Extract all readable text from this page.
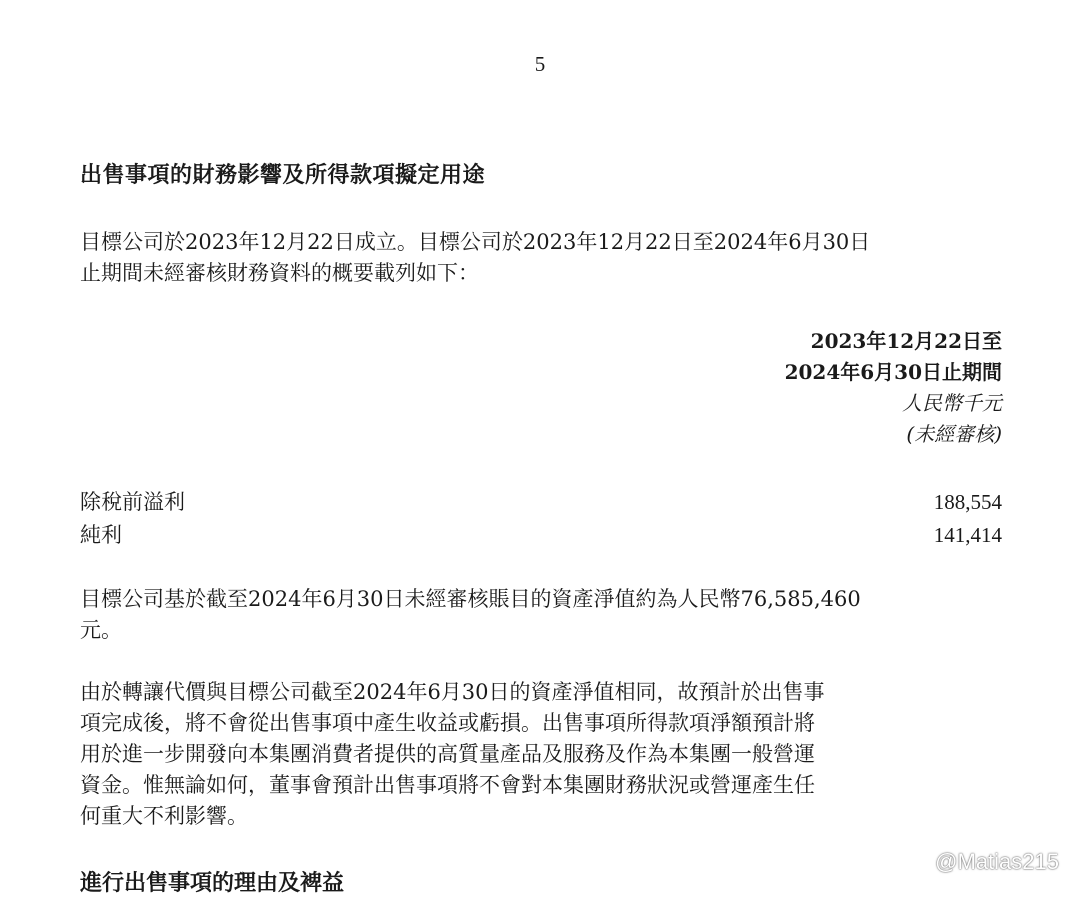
5
出售事項的財務影響及所得款項擬定用途

目標公司於2023年12月22日成立。目標公司於2023年12月22日至2024年6月30日
止期間未經審核財務資料的概要載列如下：

2023年12月22日至
2024年6月30日止期間
人民幣千元
(未經審核)
除稅前溢利	188,554
純利	141,414

目標公司基於截至2024年6月30日未經審核賬目的資產淨值約為人民幣76,585,460
元。

由於轉讓代價與目標公司截至2024年6月30日的資產淨值相同，故預計於出售事
項完成後，將不會從出售事項中產生收益或虧損。出售事項所得款項淨額預計將
用於進一步開發向本集團消費者提供的高質量產品及服務及作為本集團一般營運
資金。惟無論如何，董事會預計出售事項將不會對本集團財務狀況或營運產生任
何重大不利影響。

進行出售事項的理由及裨益
@Matias215
